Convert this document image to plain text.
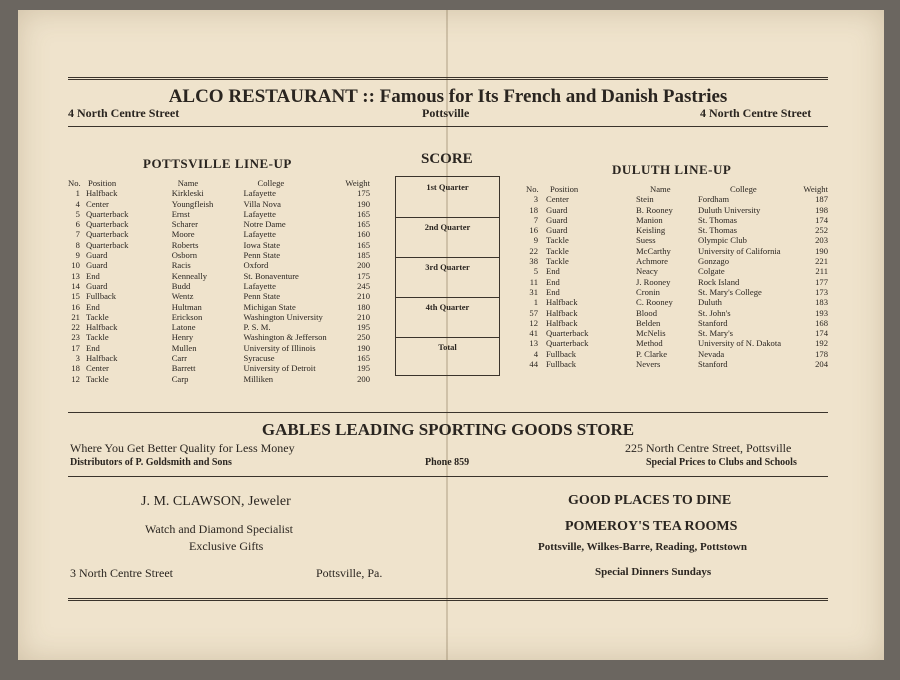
ALCO RESTAURANT :: Famous for Its French and Danish Pastries
4 North Centre Street	Pottsville	4 North Centre Street
POTTSVILLE LINE-UP
No.	Position	Name	College	Weight
1	Halfback	Kirkleski	Lafayette	175
4	Center	Youngfleish	Villa Nova	190
5	Quarterback	Ernst	Lafayette	165
6	Quarterback	Scharer	Notre Dame	165
7	Quarterback	Moore	Lafayette	160
8	Quarterback	Roberts	Iowa State	165
9	Guard	Osborn	Penn State	185
10	Guard	Racis	Oxford	200
13	End	Kenneally	St. Bonaventure	175
14	Guard	Budd	Lafayette	245
15	Fullback	Wentz	Penn State	210
16	End	Hultman	Michigan State	180
21	Tackle	Erickson	Washington University	210
22	Halfback	Latone	P. S. M.	195
23	Tackle	Henry	Washington & Jefferson	250
17	End	Mullen	University of Illinois	190
3	Halfback	Carr	Syracuse	165
18	Center	Barrett	University of Detroit	195
12	Tackle	Carp	Milliken	200
SCORE
1st Quarter
2nd Quarter
3rd Quarter
4th Quarter
Total
DULUTH LINE-UP
No.	Position	Name	College	Weight
3	Center	Stein	Fordham	187
18	Guard	B. Rooney	Duluth University	198
7	Guard	Manion	St. Thomas	174
16	Guard	Keisling	St. Thomas	252
9	Tackle	Suess	Olympic Club	203
22	Tackle	McCarthy	University of California	190
38	Tackle	Achmore	Gonzago	221
5	End	Neacy	Colgate	211
11	End	J. Rooney	Rock Island	177
31	End	Cronin	St. Mary's College	173
1	Halfback	C. Rooney	Duluth	183
57	Halfback	Blood	St. John's	193
12	Halfback	Belden	Stanford	168
41	Quarterback	McNelis	St. Mary's	174
13	Quarterback	Method	University of N. Dakota	192
4	Fullback	P. Clarke	Nevada	178
44	Fullback	Nevers	Stanford	204
GABLES LEADING SPORTING GOODS STORE
Where You Get Better Quality for Less Money
Distributors of P. Goldsmith and Sons	Phone 859
225 North Centre Street, Pottsville
Special Prices to Clubs and Schools
J. M. CLAWSON, Jeweler
Watch and Diamond Specialist
Exclusive Gifts
3 North Centre Street	Pottsville, Pa.
GOOD PLACES TO DINE
POMEROY'S TEA ROOMS
Pottsville, Wilkes-Barre, Reading, Pottstown
Special Dinners Sundays
